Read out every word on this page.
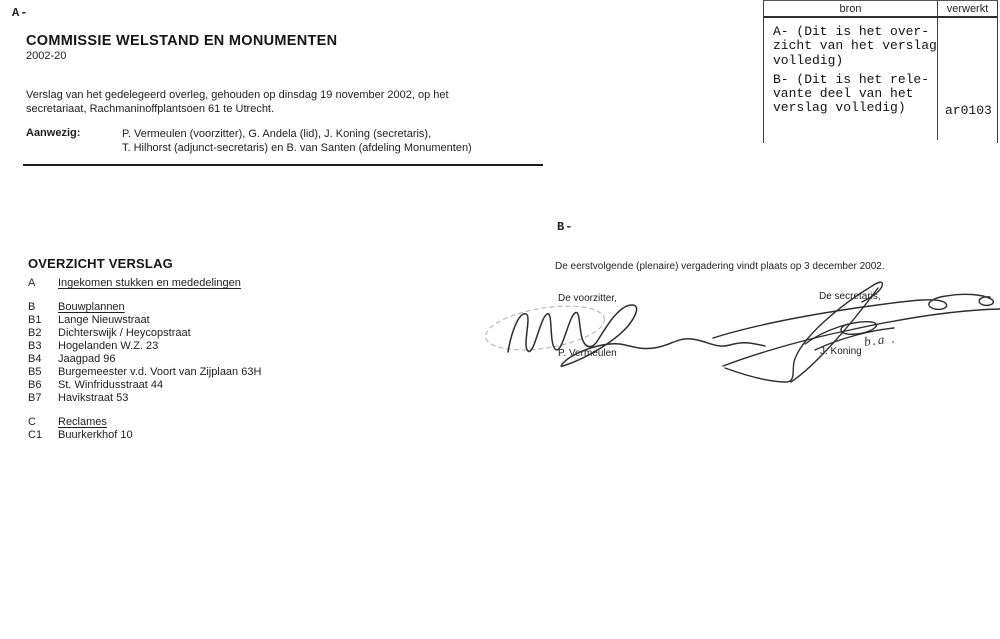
A-
B-
COMMISSIE WELSTAND EN MONUMENTEN
2002-20
Verslag van het gedelegeerd overleg, gehouden op dinsdag 19 november 2002, op het
secretariaat, Rachmaninoffplantsoen 61 te Utrecht.
Aanwezig:	P. Vermeulen (voorzitter), G. Andela (lid), J. Koning (secretaris),
T. Hilhorst (adjunct-secretaris) en B. van Santen (afdeling Monumenten)
bron	verwerkt
A- (Dit is het over-
zicht van het verslag
volledig)
B- (Dit is het rele-
vante deel van het
verslag volledig)	ar0103
OVERZICHT VERSLAG
A Ingekomen stukken en mededelingen
B Bouwplannen
B1 Lange Nieuwstraat
B2 Dichterswijk / Heycopstraat
B3 Hogelanden W.Z. 23
B4 Jaagpad 96
B5 Burgemeester v.d. Voort van Zijplaan 63H
B6 St. Winfridusstraat 44
B7 Havikstraat 53
C Reclames
C1 Buurkerkhof 10
De eerstvolgende (plenaire) vergadering vindt plaats op 3 december 2002.
De voorzitter,	De secretaris,
P. Vermeulen	J. Koning
b.a .
